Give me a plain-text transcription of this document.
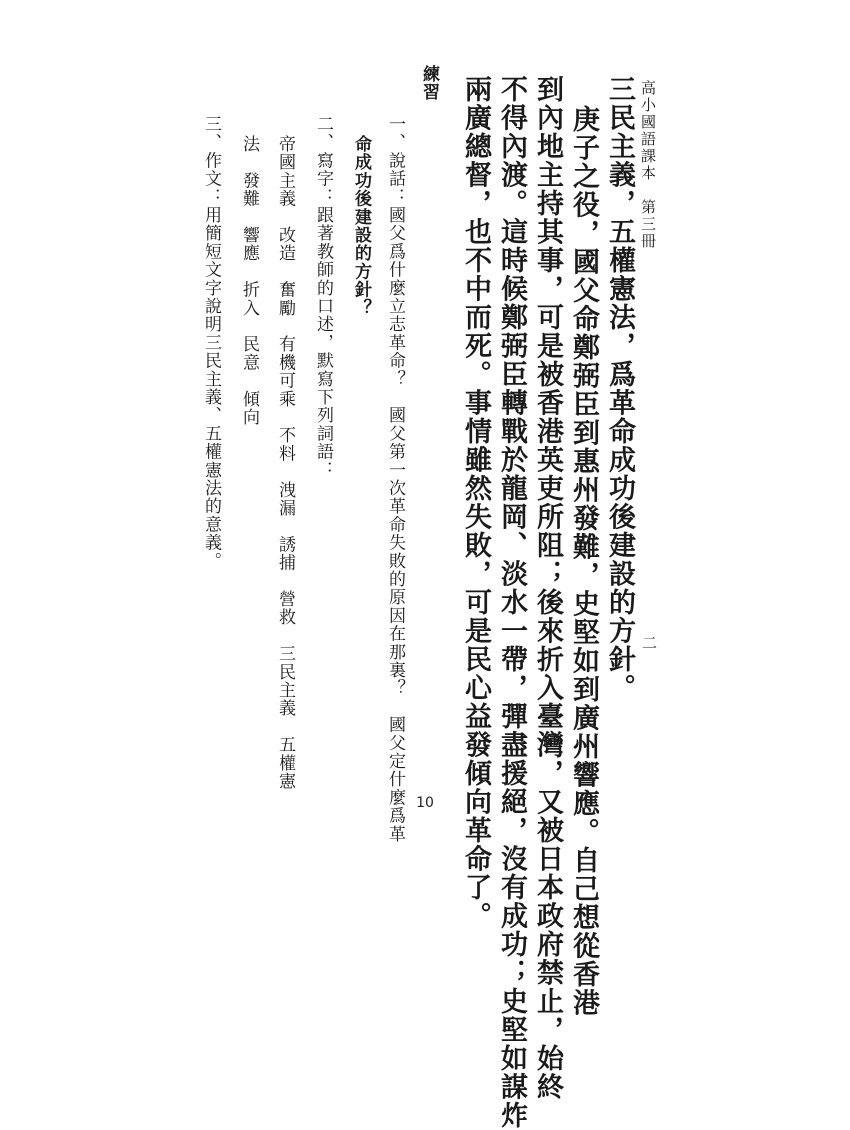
高小國語課本　第三冊
二
三民主義，五權憲法，爲革命成功後建設的方針。
庚子之役，國父命鄭弼臣到惠州發難，史堅如到廣州響應。自己想從香港
到內地主持其事，可是被香港英吏所阻；後來折入臺灣，又被日本政府禁止，始終
不得內渡。這時候鄭弼臣轉戰於龍岡、淡水一帶，彈盡援絕，沒有成功；史堅如謀炸
兩廣總督，也不中而死。事情雖然失敗，可是民心益發傾向革命了。
練習
一、說話：國父爲什麼立志革命？　國父第一次革命失敗的原因在那裏？　國父定什麼爲革
命成功後建設的方針？
二、寫字：跟著教師的口述，默寫下列詞語：
帝國主義　改造　奮勵　有機可乘　不料　洩漏　誘捕　營救　三民主義　五權憲
法　發難　響應　折入　民意　傾向
三、作文：用簡短文字說明三民主義、五權憲法的意義。
10
